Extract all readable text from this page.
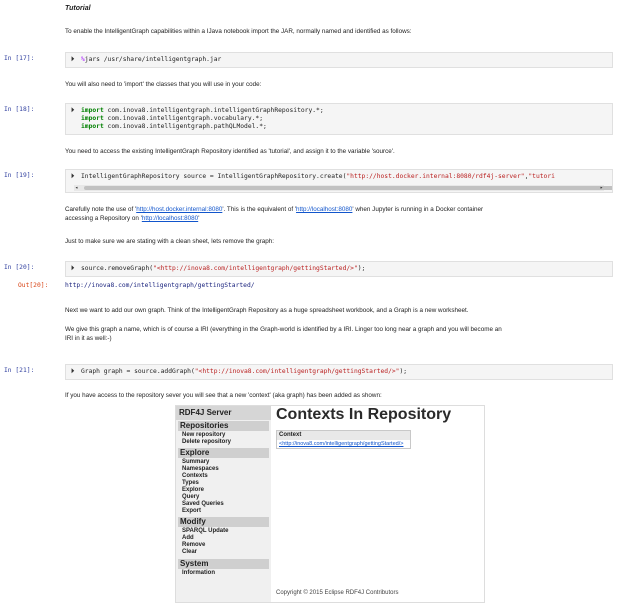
Tutorial
To enable the IntelligentGraph capabilities within a IJava notebook import the JAR, normally named and identified as follows:
In [17]:	⏵ %jars /usr/share/intelligentgraph.jar
You will also need to 'import' the classes that you will use in your code:
In [18]:	⏵ import com.inova8.intelligentgraph.intelligentGraphRepository.*;
import com.inova8.intelligentgraph.vocabulary.*;
import com.inova8.intelligentgraph.pathQLModel.*;
You need to access the existing IntelligentGraph Repository identified as 'tutorial', and assign it to the variable 'source'.
In [19]:	⏵ IntelligentGraphRepository source = IntelligentGraphRepository.create("http://host.docker.internal:8080/rdf4j-server","tutori

◂	▸
Carefully note the use of 'http://host.docker.internal:8080'. This is the equivalent of 'http://localhost:8080' when Jupyter is running in a Docker container
accessing a Repository on 'http://localhost:8080'
Just to make sure we are stating with a clean sheet, lets remove the graph:
In [20]:	⏵ source.removeGraph("<http://inova8.com/intelligentgraph/gettingStarted/>");
Out[20]:	http://inova8.com/intelligentgraph/gettingStarted/
Next we want to add our own graph. Think of the IntelligentGraph Repository as a huge spreadsheet workbook, and a Graph is a new worksheet.
We give this graph a name, which is of course a IRI (everything in the Graph-world is identified by a IRI. Linger too long near a graph and you will become an
IRI in it as well:-)
In [21]:	⏵ Graph graph = source.addGraph("<http://inova8.com/intelligentgraph/gettingStarted/>");
If you have access to the repository sever you will see that a new 'context' (aka graph) has been added as shown:
RDF4J Server
Repositories
New repository
Delete repository
Explore
Summary
Namespaces
Contexts
Types
Explore
Query
Saved Queries
Export
Modify
SPARQL Update
Add
Remove
Clear
System
Information
Contexts In Repository
Context
<http://inova8.com/intelligentgraph/gettingStarted/>
Copyright © 2015 Eclipse RDF4J Contributors
